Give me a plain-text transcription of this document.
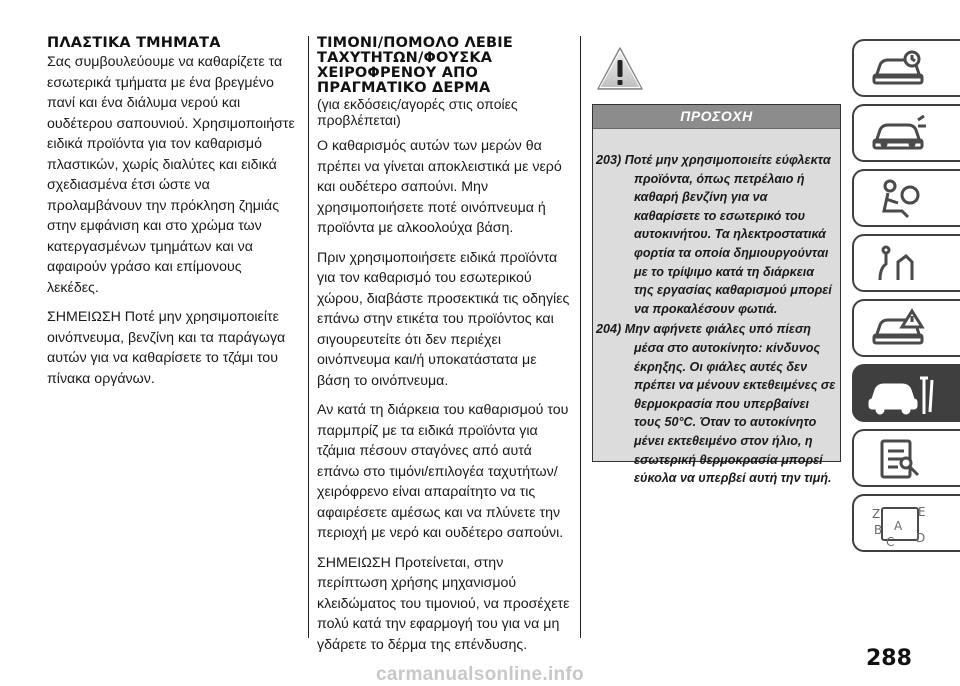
ΠΛΑΣΤΙΚΑ ΤΜΗΜΑΤΑ

Σας συμβουλεύουμε να καθαρίζετε τα εσωτερικά τμήματα με ένα βρεγμένο πανί και ένα διάλυμα νερού και ουδέτερου σαπουνιού. Χρησιμοποιήστε ειδικά προϊόντα για τον καθαρισμό πλαστικών, χωρίς διαλύτες και ειδικά σχεδιασμένα έτσι ώστε να προλαμβάνουν την πρόκληση ζημιάς στην εμφάνιση και στο χρώμα των κατεργασμένων τμημάτων και να αφαιρούν γράσο και επίμονους λεκέδες.

ΣΗΜΕΙΩΣΗ Ποτέ μην χρησιμοποιείτε οινόπνευμα, βενζίνη και τα παράγωγα αυτών για να καθαρίσετε το τζάμι του πίνακα οργάνων.

ΤΙΜΟΝΙ/ΠΟΜΟΛΟ ΛΕΒΙΕ
ΤΑΧΥΤΗΤΩΝ/ΦΟΥΣΚΑ
ΧΕΙΡΟΦΡΕΝΟΥ ΑΠΟ
ΠΡΑΓΜΑΤΙΚΟ ΔΕΡΜΑ

(για εκδόσεις/αγορές στις οποίες προβλέπεται)

Ο καθαρισμός αυτών των μερών θα πρέπει να γίνεται αποκλειστικά με νερό και ουδέτερο σαπούνι. Μην χρησιμοποιήσετε ποτέ οινόπνευμα ή προϊόντα με αλκοολούχα βάση.

Πριν χρησιμοποιήσετε ειδικά προϊόντα για τον καθαρισμό του εσωτερικού χώρου, διαβάστε προσεκτικά τις οδηγίες επάνω στην ετικέτα του προϊόντος και σιγουρευτείτε ότι δεν περιέχει οινόπνευμα και/ή υποκατάστατα με βάση το οινόπνευμα.

Αν κατά τη διάρκεια του καθαρισμού του παρμπρίζ με τα ειδικά προϊόντα για τζάμια πέσουν σταγόνες από αυτά επάνω στο τιμόνι/επιλογέα ταχυτήτων/χειρόφρενο είναι απαραίτητο να τις αφαιρέσετε αμέσως και να πλύνετε την περιοχή με νερό και ουδέτερο σαπούνι.

ΣΗΜΕΙΩΣΗ Προτείνεται, στην περίπτωση χρήσης μηχανισμού κλειδώματος του τιμονιού, να προσέχετε πολύ κατά την εφαρμογή του για να μη γδάρετε το δέρμα της επένδυσης.

ΠΡΟΣΟΧΗ

203) Ποτέ μην χρησιμοποιείτε εύφλεκτα προϊόντα, όπως πετρέλαιο ή καθαρή βενζίνη για να καθαρίσετε το εσωτερικό του αυτοκινήτου. Τα ηλεκτροστατικά φορτία τα οποία δημιουργούνται με το τρίψιμο κατά τη διάρκεια της εργασίας καθαρισμού μπορεί να προκαλέσουν φωτιά.

204) Μην αφήνετε φιάλες υπό πίεση μέσα στο αυτοκίνητο: κίνδυνος έκρηξης. Οι φιάλες αυτές δεν πρέπει να μένουν εκτεθειμένες σε θερμοκρασία που υπερβαίνει τους 50°C. Όταν το αυτοκίνητο μένει εκτεθειμένο στον ήλιο, η εσωτερική θερμοκρασία μπορεί εύκολα να υπερβεί αυτή την τιμή.

Z	E
B A
C D
288
carmanualsonline.info
